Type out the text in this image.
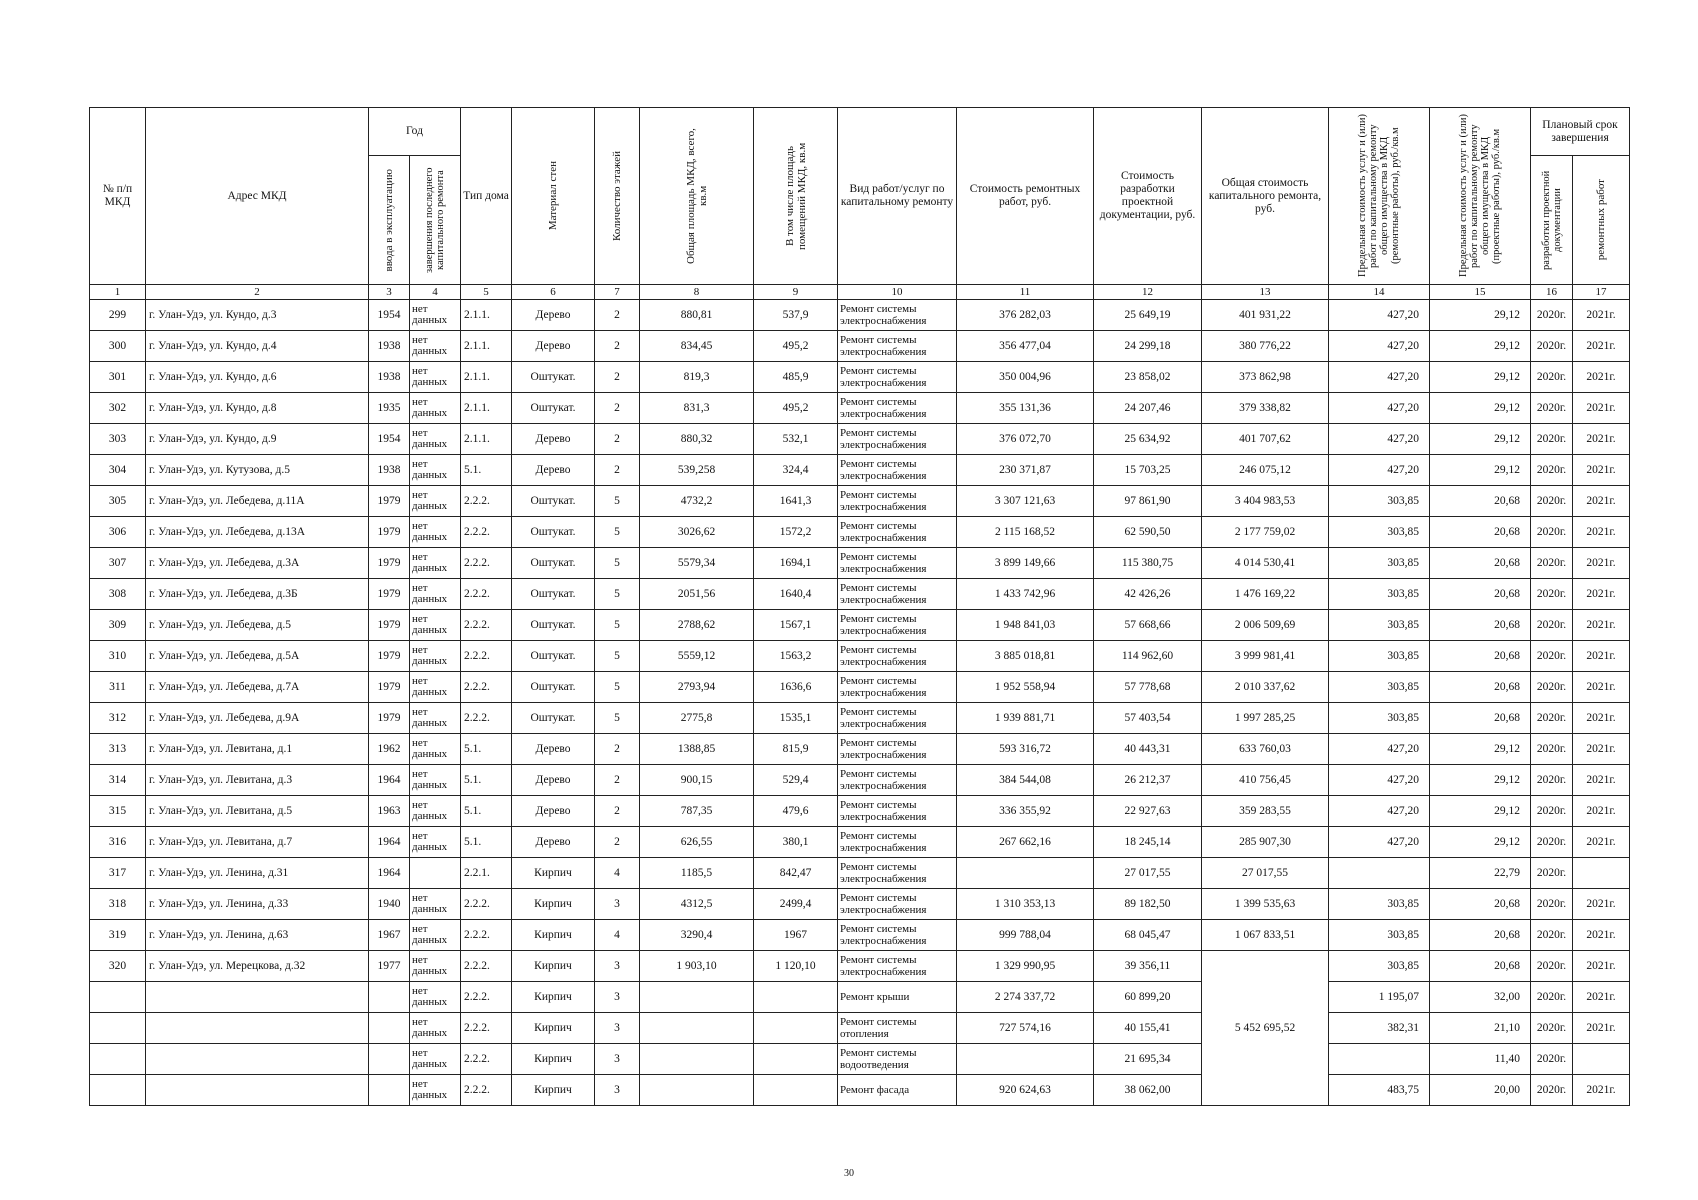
№ п/п МКД	Адрес МКД	Год		Тип дома	Материал стен	Количество этажей	Общая площадь МКД, всего, кв.м	В том числе площадь помещений МКД, кв.м	Вид работ/услуг по капитальному ремонту	Стоимость ремонтных работ, руб.	Стоимость разработки проектной документации, руб.	Общая стоимость капитального ремонта, руб.	Предельная стоимость услуг и (или) работ по капитальному ремонту общего имущества в МКД (ремонтные работы), руб./кв.м	Предельная стоимость услуг и (или) работ по капитальному ремонту общего имущества в МКД (проектные работы), руб./кв.м	Плановый срок завершения	

		ввода в эксплуатацию	завершения последнего капитального ремонта												разработки проектной документации	ремонтных работ

1	2	3	4	5	6	7	8	9	10	11	12	13	14	15	16	17
299	г. Улан-Удэ, ул. Кундо, д.3	1954	нет данных	2.1.1.	Дерево	2	880,81	537,9	Ремонт системы электроснабжения	376 282,03	25 649,19	401 931,22	427,20	29,12	2020г.	2021г.
300	г. Улан-Удэ, ул. Кундо, д.4	1938	нет данных	2.1.1.	Дерево	2	834,45	495,2	Ремонт системы электроснабжения	356 477,04	24 299,18	380 776,22	427,20	29,12	2020г.	2021г.
301	г. Улан-Удэ, ул. Кундо, д.6	1938	нет данных	2.1.1.	Оштукат.	2	819,3	485,9	Ремонт системы электроснабжения	350 004,96	23 858,02	373 862,98	427,20	29,12	2020г.	2021г.
302	г. Улан-Удэ, ул. Кундо, д.8	1935	нет данных	2.1.1.	Оштукат.	2	831,3	495,2	Ремонт системы электроснабжения	355 131,36	24 207,46	379 338,82	427,20	29,12	2020г.	2021г.
303	г. Улан-Удэ, ул. Кундо, д.9	1954	нет данных	2.1.1.	Дерево	2	880,32	532,1	Ремонт системы электроснабжения	376 072,70	25 634,92	401 707,62	427,20	29,12	2020г.	2021г.
304	г. Улан-Удэ, ул. Кутузова, д.5	1938	нет данных	5.1.	Дерево	2	539,258	324,4	Ремонт системы электроснабжения	230 371,87	15 703,25	246 075,12	427,20	29,12	2020г.	2021г.
305	г. Улан-Удэ, ул. Лебедева, д.11А	1979	нет данных	2.2.2.	Оштукат.	5	4732,2	1641,3	Ремонт системы электроснабжения	3 307 121,63	97 861,90	3 404 983,53	303,85	20,68	2020г.	2021г.
306	г. Улан-Удэ, ул. Лебедева, д.13А	1979	нет данных	2.2.2.	Оштукат.	5	3026,62	1572,2	Ремонт системы электроснабжения	2 115 168,52	62 590,50	2 177 759,02	303,85	20,68	2020г.	2021г.
307	г. Улан-Удэ, ул. Лебедева, д.3А	1979	нет данных	2.2.2.	Оштукат.	5	5579,34	1694,1	Ремонт системы электроснабжения	3 899 149,66	115 380,75	4 014 530,41	303,85	20,68	2020г.	2021г.
308	г. Улан-Удэ, ул. Лебедева, д.3Б	1979	нет данных	2.2.2.	Оштукат.	5	2051,56	1640,4	Ремонт системы электроснабжения	1 433 742,96	42 426,26	1 476 169,22	303,85	20,68	2020г.	2021г.
309	г. Улан-Удэ, ул. Лебедева, д.5	1979	нет данных	2.2.2.	Оштукат.	5	2788,62	1567,1	Ремонт системы электроснабжения	1 948 841,03	57 668,66	2 006 509,69	303,85	20,68	2020г.	2021г.
310	г. Улан-Удэ, ул. Лебедева, д.5А	1979	нет данных	2.2.2.	Оштукат.	5	5559,12	1563,2	Ремонт системы электроснабжения	3 885 018,81	114 962,60	3 999 981,41	303,85	20,68	2020г.	2021г.
311	г. Улан-Удэ, ул. Лебедева, д.7А	1979	нет данных	2.2.2.	Оштукат.	5	2793,94	1636,6	Ремонт системы электроснабжения	1 952 558,94	57 778,68	2 010 337,62	303,85	20,68	2020г.	2021г.
312	г. Улан-Удэ, ул. Лебедева, д.9А	1979	нет данных	2.2.2.	Оштукат.	5	2775,8	1535,1	Ремонт системы электроснабжения	1 939 881,71	57 403,54	1 997 285,25	303,85	20,68	2020г.	2021г.
313	г. Улан-Удэ, ул. Левитана, д.1	1962	нет данных	5.1.	Дерево	2	1388,85	815,9	Ремонт системы электроснабжения	593 316,72	40 443,31	633 760,03	427,20	29,12	2020г.	2021г.
314	г. Улан-Удэ, ул. Левитана, д.3	1964	нет данных	5.1.	Дерево	2	900,15	529,4	Ремонт системы электроснабжения	384 544,08	26 212,37	410 756,45	427,20	29,12	2020г.	2021г.
315	г. Улан-Удэ, ул. Левитана, д.5	1963	нет данных	5.1.	Дерево	2	787,35	479,6	Ремонт системы электроснабжения	336 355,92	22 927,63	359 283,55	427,20	29,12	2020г.	2021г.
316	г. Улан-Удэ, ул. Левитана, д.7	1964	нет данных	5.1.	Дерево	2	626,55	380,1	Ремонт системы электроснабжения	267 662,16	18 245,14	285 907,30	427,20	29,12	2020г.	2021г.
317	г. Улан-Удэ, ул. Ленина, д.31	1964		2.2.1.	Кирпич	4	1185,5	842,47	Ремонт системы электроснабжения		27 017,55	27 017,55		22,79	2020г.	
318	г. Улан-Удэ, ул. Ленина, д.33	1940	нет данных	2.2.2.	Кирпич	3	4312,5	2499,4	Ремонт системы электроснабжения	1 310 353,13	89 182,50	1 399 535,63	303,85	20,68	2020г.	2021г.
319	г. Улан-Удэ, ул. Ленина, д.63	1967	нет данных	2.2.2.	Кирпич	4	3290,4	1967	Ремонт системы электроснабжения	999 788,04	68 045,47	1 067 833,51	303,85	20,68	2020г.	2021г.
320	г. Улан-Удэ, ул. Мерецкова, д.32	1977	нет данных	2.2.2.	Кирпич	3	1 903,10	1 120,10	Ремонт системы электроснабжения	1 329 990,95	39 356,11	5 452 695,52	303,85	20,68	2020г.	2021г.
			нет данных	2.2.2.	Кирпич	3			Ремонт крыши	2 274 337,72	60 899,20		1 195,07	32,00	2020г.	2021г.
			нет данных	2.2.2.	Кирпич	3			Ремонт системы отопления	727 574,16	40 155,41		382,31	21,10	2020г.	2021г.
			нет данных	2.2.2.	Кирпич	3			Ремонт системы водоотведения		21 695,34			11,40	2020г.	
			нет данных	2.2.2.	Кирпич	3			Ремонт фасада	920 624,63	38 062,00		483,75	20,00	2020г.	2021г.
30
